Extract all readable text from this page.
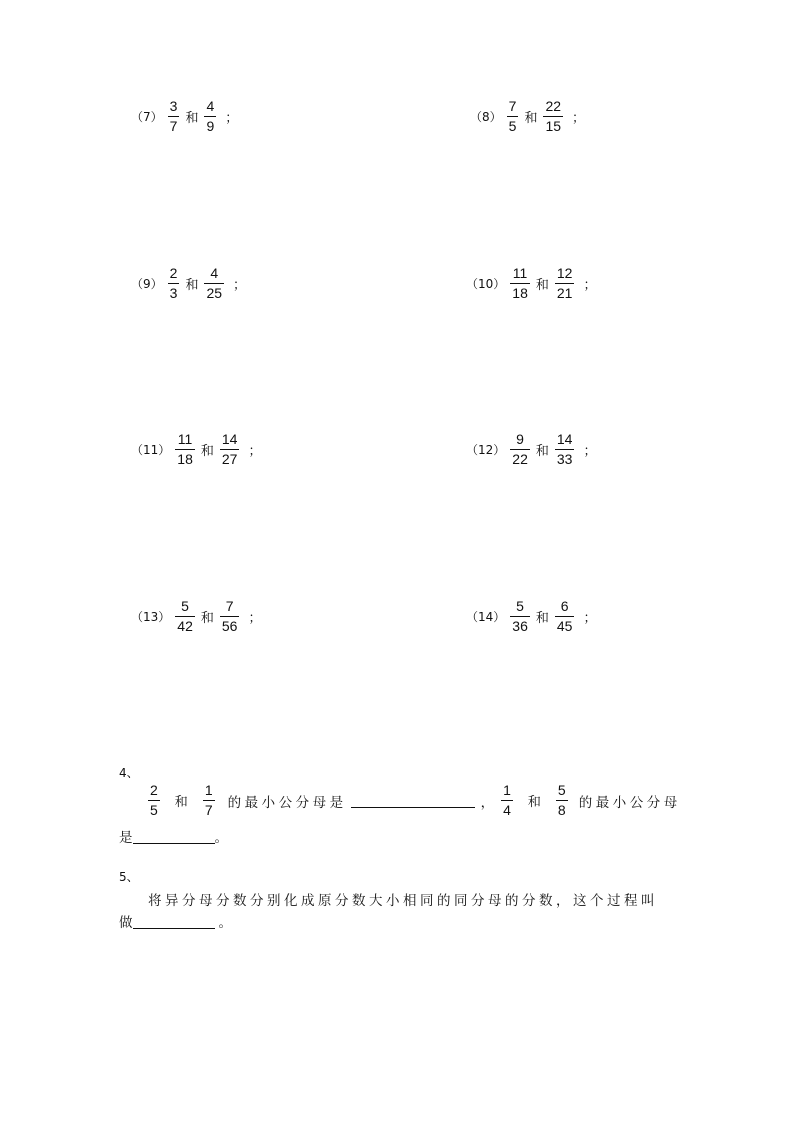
$(7) \frac{3}{7}$ 和 $\frac{4}{9}$ ；	$(8) \frac{7}{5}$ 和 $\frac{22}{15}$ ；
$(9) \frac{2}{3}$ 和 $\frac{4}{25}$ ；	$(10) \frac{11}{18}$ 和 $\frac{12}{21}$ ；
$(11) \frac{11}{18}$ 和 $\frac{14}{27}$ ；	$(12) \frac{9}{22}$ 和 $\frac{14}{33}$ ；
$(13) \frac{5}{42}$ 和 $\frac{7}{56}$ ；	$(14) \frac{5}{36}$ 和 $\frac{6}{45}$ ；
4、
$\frac{2}{5}$ 和 $\frac{1}{7}$ 的最小公分母是	， $\frac{1}{4}$ 和 $\frac{5}{8}$ 的最小公分母
是	。
5、
将异分母分数分别化成原分数大小相同的同分母的分数，这个过程叫
做	。
